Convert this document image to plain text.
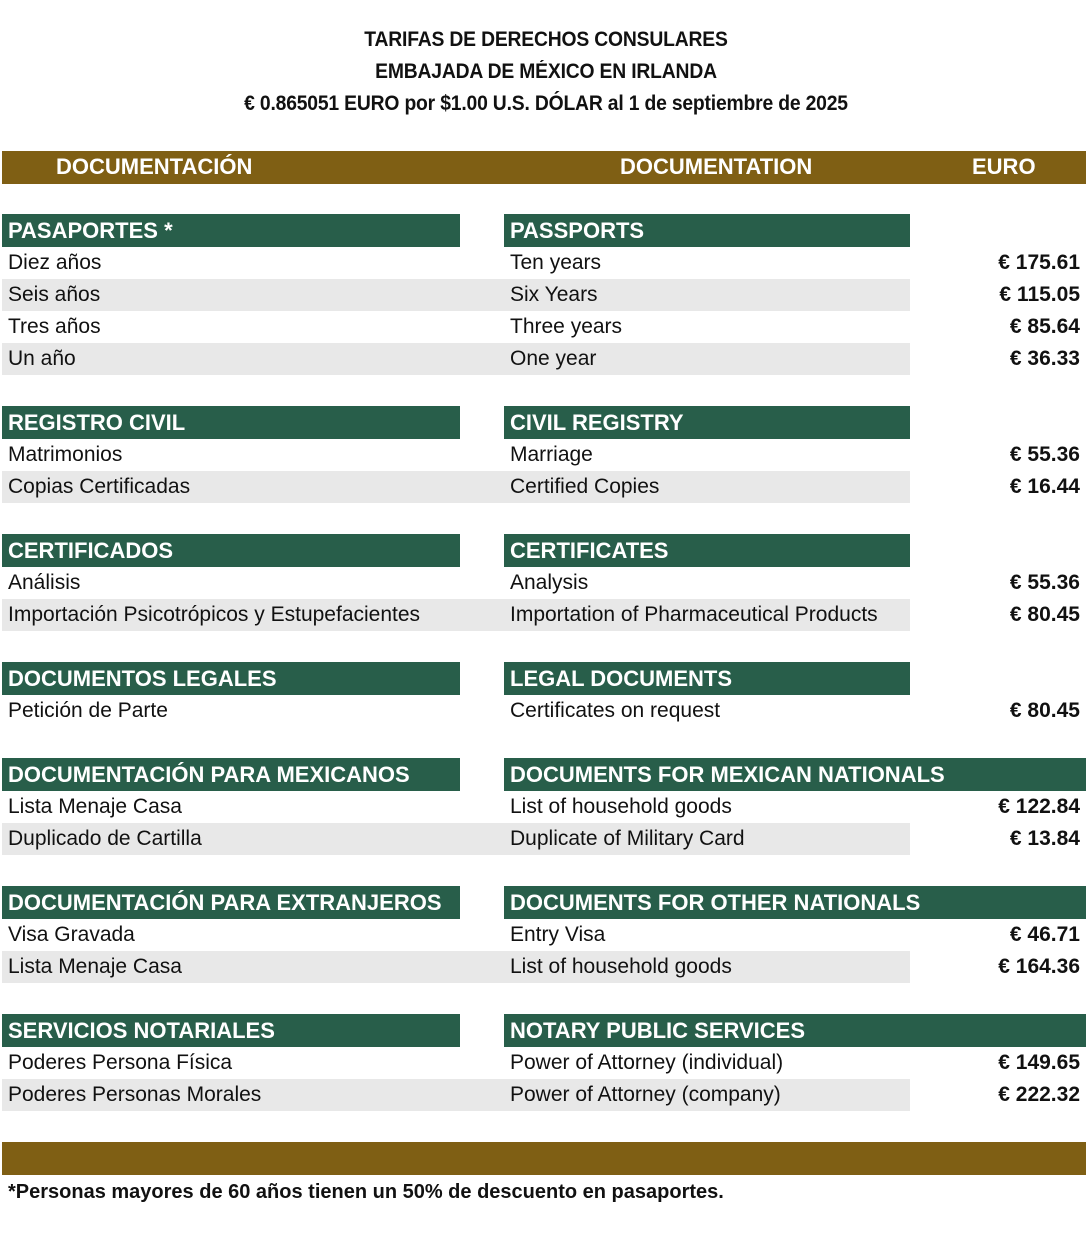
TARIFAS DE DERECHOS CONSULARES
EMBAJADA DE MÉXICO EN IRLANDA
€ 0.865051 EURO por $1.00 U.S. DÓLAR al 1 de septiembre de 2025
DOCUMENTACIÓN	DOCUMENTATION	EURO
PASAPORTES *	PASSPORTS
Diez años	Ten years	€ 175.61
Seis años	Six Years	€ 115.05
Tres años	Three years	€ 85.64
Un año	One year	€ 36.33
REGISTRO CIVIL	CIVIL REGISTRY
Matrimonios	Marriage	€ 55.36
Copias Certificadas	Certified Copies	€ 16.44
CERTIFICADOS	CERTIFICATES
Análisis	Analysis	€ 55.36
Importación Psicotrópicos y Estupefacientes	Importation of Pharmaceutical Products	€ 80.45
DOCUMENTOS LEGALES	LEGAL DOCUMENTS
Petición de Parte	Certificates on request	€ 80.45
DOCUMENTACIÓN PARA MEXICANOS	DOCUMENTS FOR MEXICAN NATIONALS
Lista Menaje Casa	List of household goods	€ 122.84
Duplicado de Cartilla	Duplicate of Military Card	€ 13.84
DOCUMENTACIÓN PARA EXTRANJEROS	DOCUMENTS FOR OTHER NATIONALS
Visa Gravada	Entry Visa	€ 46.71
Lista Menaje Casa	List of household goods	€ 164.36
SERVICIOS NOTARIALES	NOTARY PUBLIC SERVICES
Poderes Persona Física	Power of Attorney (individual)	€ 149.65
Poderes Personas Morales	Power of Attorney (company)	€ 222.32
*Personas mayores de 60 años tienen un 50% de descuento en pasaportes.
